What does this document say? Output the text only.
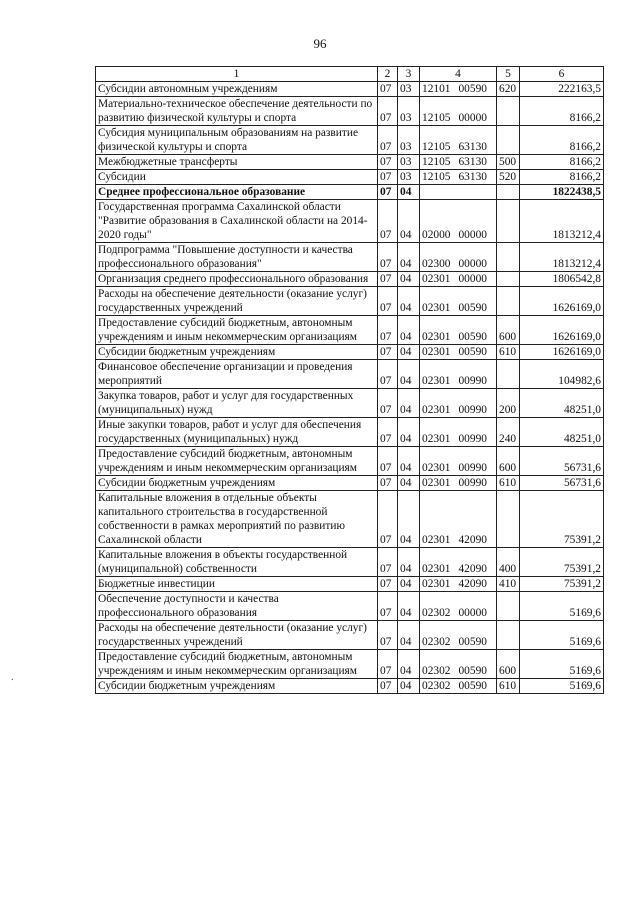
96
1	2	3	4	5	6
Субсидии автономным учреждениям	07	03	12101 00590	620	222163,5
Материально-техническое обеспечение деятельности по развитию физической культуры и спорта	07	03	12105 00000		8166,2
Субсидия муниципальным образованиям на развитие физической культуры и спорта	07	03	12105 63130		8166,2
Межбюджетные трансферты	07	03	12105 63130	500	8166,2
Субсидии	07	03	12105 63130	520	8166,2
Среднее профессиональное образование	07	04			1822438,5
Государственная программа Сахалинской области "Развитие образования в Сахалинской области на 2014-2020 годы"	07	04	02000 00000		1813212,4
Подпрограмма "Повышение доступности и качества профессионального образования"	07	04	02300 00000		1813212,4
Организация среднего профессионального образования	07	04	02301 00000		1806542,8
Расходы на обеспечение деятельности (оказание услуг) государственных учреждений	07	04	02301 00590		1626169,0
Предоставление субсидий бюджетным, автономным учреждениям и иным некоммерческим организациям	07	04	02301 00590	600	1626169,0
Субсидии бюджетным учреждениям	07	04	02301 00590	610	1626169,0
Финансовое обеспечение организации и проведения мероприятий	07	04	02301 00990		104982,6
Закупка товаров, работ и услуг для государственных (муниципальных) нужд	07	04	02301 00990	200	48251,0
Иные закупки товаров, работ и услуг для обеспечения государственных (муниципальных) нужд	07	04	02301 00990	240	48251,0
Предоставление субсидий бюджетным, автономным учреждениям и иным некоммерческим организациям	07	04	02301 00990	600	56731,6
Субсидии бюджетным учреждениям	07	04	02301 00990	610	56731,6
Капитальные вложения в отдельные объекты капитального строительства в государственной собственности в рамках мероприятий по развитию Сахалинской области	07	04	02301 42090		75391,2
Капитальные вложения в объекты государственной (муниципальной) собственности	07	04	02301 42090	400	75391,2
Бюджетные инвестиции	07	04	02301 42090	410	75391,2
Обеспечение доступности и качества профессионального образования	07	04	02302 00000		5169,6
Расходы на обеспечение деятельности (оказание услуг) государственных учреждений	07	04	02302 00590		5169,6
Предоставление субсидий бюджетным, автономным учреждениям и иным некоммерческим организациям	07	04	02302 00590	600	5169,6
Субсидии бюджетным учреждениям	07	04	02302 00590	610	5169,6
⸱
